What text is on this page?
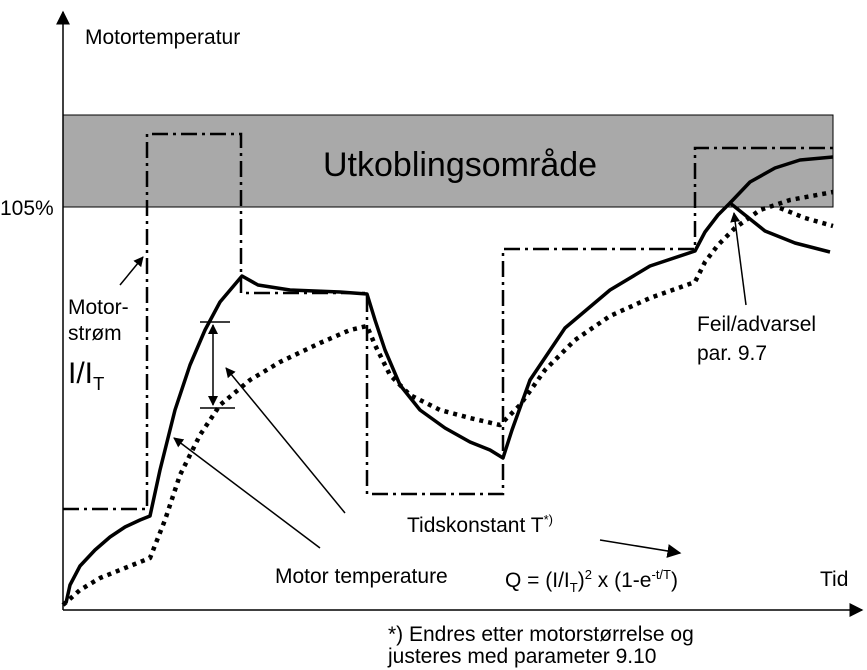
Motortemperatur
105%
Utkoblingsområde
Motor-
strøm
$I/I_T$
Tidskonstant T*)
Motor temperature	$Q = (I/I_T)^2$ x $(1-e^{-t/T})$	Tid
Feil/advarsel
par. 9.7
*) Endres etter motorstørrelse og
justeres med parameter 9.10
